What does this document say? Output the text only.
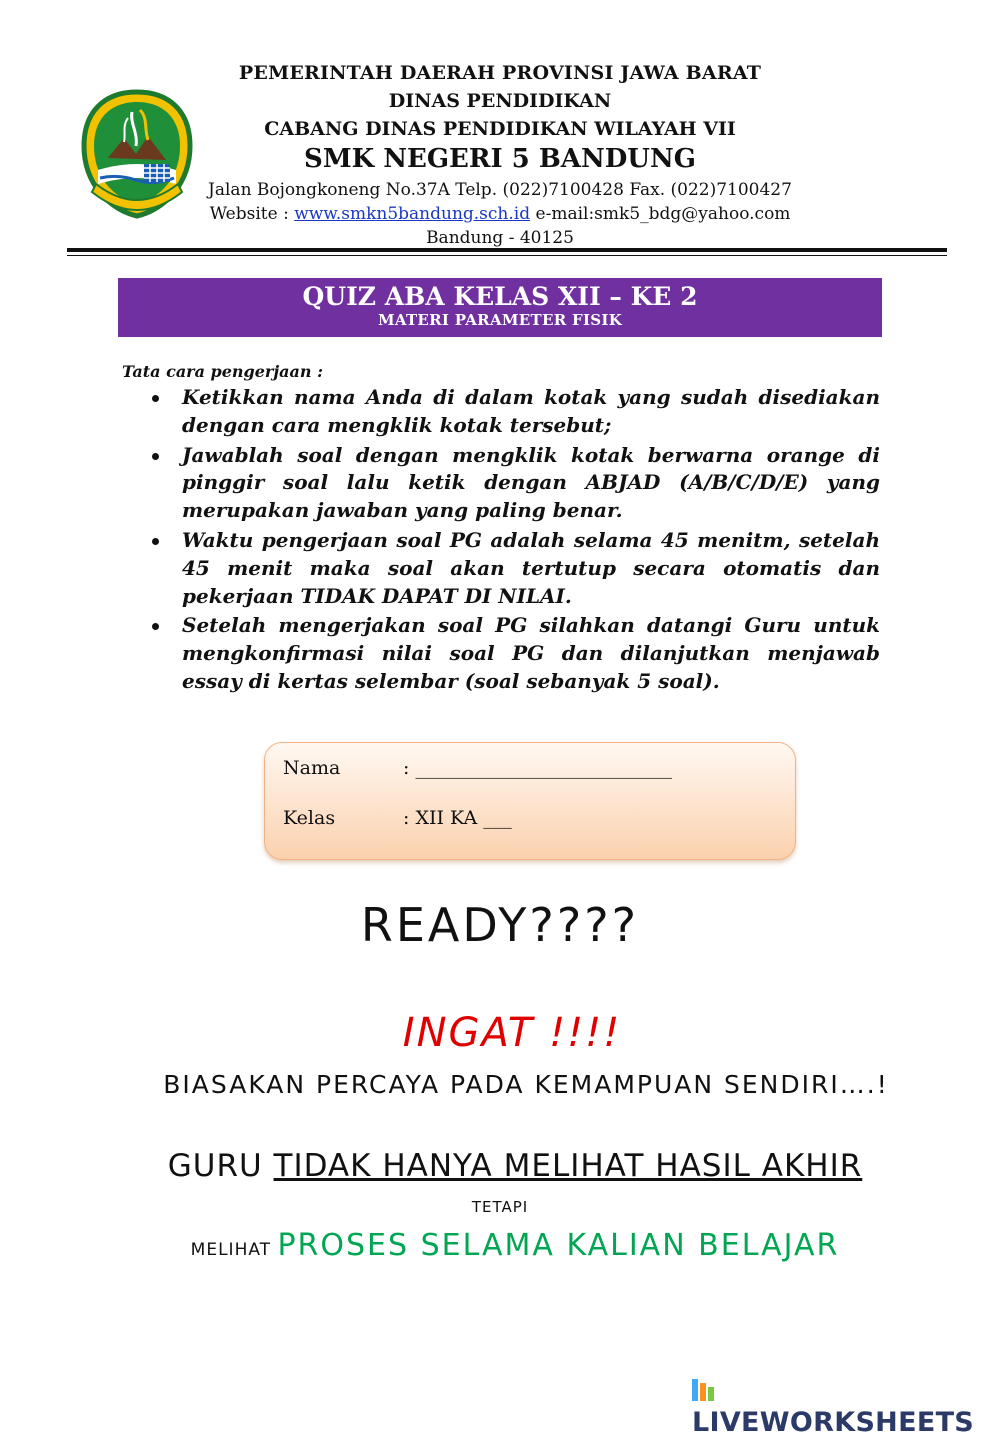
PEMERINTAH DAERAH PROVINSI JAWA BARAT
DINAS PENDIDIKAN
CABANG DINAS PENDIDIKAN WILAYAH VII
SMK NEGERI 5 BANDUNG
Jalan Bojongkoneng No.37A Telp. (022)7100428 Fax. (022)7100427
Website : www.smkn5bandung.sch.id e-mail:smk5_bdg@yahoo.com
Bandung - 40125
QUIZ ABA KELAS XII – KE 2
MATERI PARAMETER FISIK
Tata cara pengerjaan :
Ketikkan nama Anda di dalam kotak yang sudah disediakan dengan cara mengklik kotak tersebut;
Jawablah soal dengan mengklik kotak berwarna orange di pinggir soal lalu ketik dengan ABJAD (A/B/C/D/E) yang merupakan jawaban yang paling benar.
Waktu pengerjaan soal PG adalah selama 45 menitm, setelah 45 menit maka soal akan tertutup secara otomatis dan pekerjaan TIDAK DAPAT DI NILAI.
Setelah mengerjakan soal PG silahkan datangi Guru untuk mengkonfirmasi nilai soal PG dan dilanjutkan menjawab essay di kertas selembar (soal sebanyak 5 soal).
Nama	: ___________________________
Kelas	: XII KA ___
READY????
INGAT !!!!
BIASAKAN PERCAYA PADA KEMAMPUAN SENDIRI….!
GURU TIDAK HANYA MELIHAT HASIL AKHIR
TETAPI
MELIHAT PROSES SELAMA KALIAN BELAJAR
LIVEWORKSHEETS
